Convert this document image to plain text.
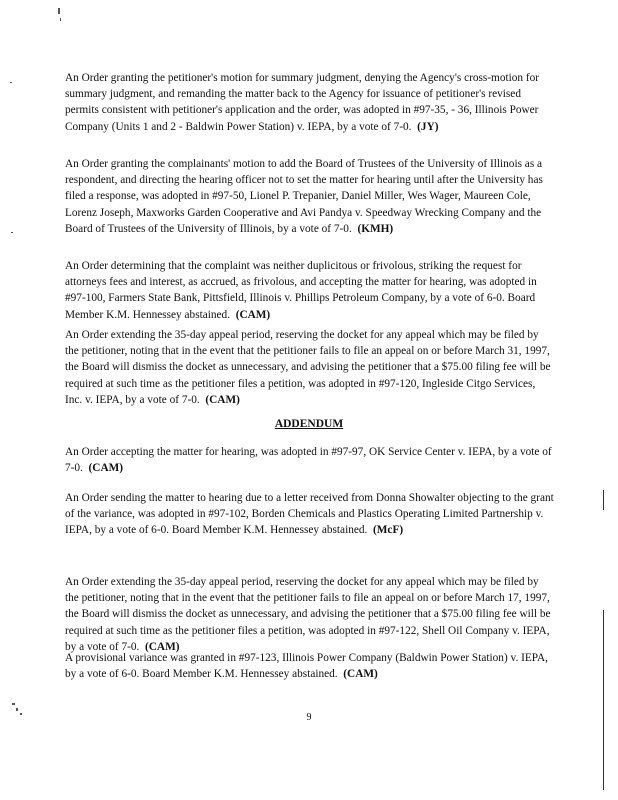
An Order granting the petitioner's motion for summary judgment, denying the Agency's cross-motion for summary judgment, and remanding the matter back to the Agency for issuance of petitioner's revised permits consistent with petitioner's application and the order, was adopted in #97-35, - 36, Illinois Power Company (Units 1 and 2 - Baldwin Power Station) v. IEPA, by a vote of 7-0. (JY)

An Order granting the complainants' motion to add the Board of Trustees of the University of Illinois as a respondent, and directing the hearing officer not to set the matter for hearing until after the University has filed a response, was adopted in #97-50, Lionel P. Trepanier, Daniel Miller, Wes Wager, Maureen Cole, Lorenz Joseph, Maxworks Garden Cooperative and Avi Pandya v. Speedway Wrecking Company and the Board of Trustees of the University of Illinois, by a vote of 7-0. (KMH)

An Order determining that the complaint was neither duplicitous or frivolous, striking the request for attorneys fees and interest, as accrued, as frivolous, and accepting the matter for hearing, was adopted in #97-100, Farmers State Bank, Pittsfield, Illinois v. Phillips Petroleum Company, by a vote of 6-0. Board Member K.M. Hennessey abstained. (CAM)

An Order extending the 35-day appeal period, reserving the docket for any appeal which may be filed by the petitioner, noting that in the event that the petitioner fails to file an appeal on or before March 31, 1997, the Board will dismiss the docket as unnecessary, and advising the petitioner that a $75.00 filing fee will be required at such time as the petitioner files a petition, was adopted in #97-120, Ingleside Citgo Services, Inc. v. IEPA, by a vote of 7-0. (CAM)

ADDENDUM

An Order accepting the matter for hearing, was adopted in #97-97, OK Service Center v. IEPA, by a vote of 7-0. (CAM)

An Order sending the matter to hearing due to a letter received from Donna Showalter objecting to the grant of the variance, was adopted in #97-102, Borden Chemicals and Plastics Operating Limited Partnership v. IEPA, by a vote of 6-0. Board Member K.M. Hennessey abstained. (McF)

An Order extending the 35-day appeal period, reserving the docket for any appeal which may be filed by the petitioner, noting that in the event that the petitioner fails to file an appeal on or before March 17, 1997, the Board will dismiss the docket as unnecessary, and advising the petitioner that a $75.00 filing fee will be required at such time as the petitioner files a petition, was adopted in #97-122, Shell Oil Company v. IEPA, by a vote of 7-0. (CAM)

A provisional variance was granted in #97-123, Illinois Power Company (Baldwin Power Station) v. IEPA, by a vote of 6-0. Board Member K.M. Hennessey abstained. (CAM)

9
